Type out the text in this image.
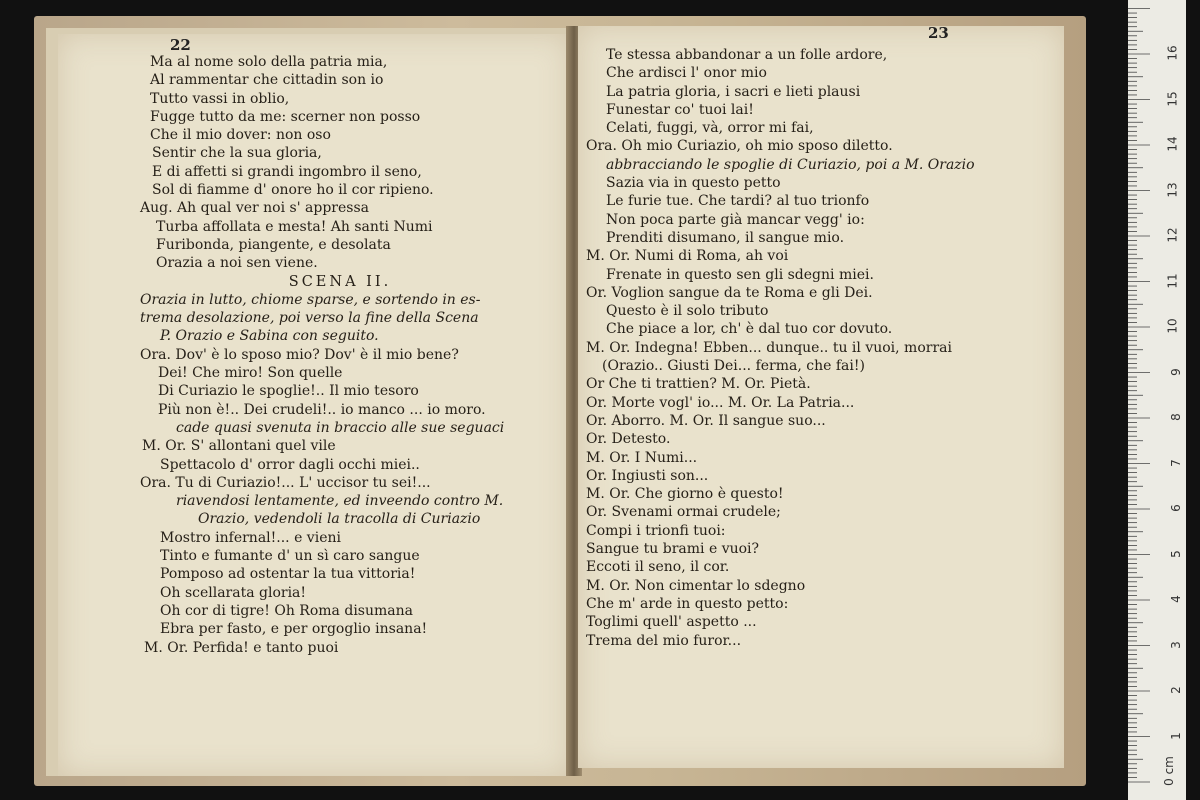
22
Ma al nome solo della patria mia,
Al rammentar che cittadin son io
Tutto vassi in oblio,
Fugge tutto da me: scerner non posso
Che il mio dover: non oso
Sentir che la sua gloria,
E di affetti si grandi ingombro il seno,
Sol di fiamme d' onore ho il cor ripieno.
Aug. Ah qual ver noi s' appressa
Turba affollata e mesta! Ah santi Numi
Furibonda, piangente, e desolata
Orazia a noi sen viene.
SCENA II.
Orazia in lutto, chiome sparse, e sortendo in es-
trema desolazione, poi verso la fine della Scena
P. Orazio e Sabina con seguito.
Ora. Dov' è lo sposo mio? Dov' è il mio bene?
Dei! Che miro! Son quelle
Di Curiazio le spoglie!.. Il mio tesoro
Più non è!.. Dei crudeli!.. io manco ... io moro.
cade quasi svenuta in braccio alle sue seguaci
M. Or. S' allontani quel vile
Spettacolo d' orror dagli occhi miei..
Ora. Tu di Curiazio!... L' uccisor tu sei!...
riavendosi lentamente, ed inveendo contro M.
Orazio, vedendoli la tracolla di Curiazio
Mostro infernal!... e vieni
Tinto e fumante d' un sì caro sangue
Pomposo ad ostentar la tua vittoria!
Oh scellarata gloria!
Oh cor di tigre! Oh Roma disumana
Ebra per fasto, e per orgoglio insana!
M. Or. Perfida! e tanto puoi
23
Te stessa abbandonar a un folle ardore,
Che ardisci l' onor mio
La patria gloria, i sacri e lieti plausi
Funestar co' tuoi lai!
Celati, fuggi, và, orror mi fai,
Ora. Oh mio Curiazio, oh mio sposo diletto.
abbracciando le spoglie di Curiazio, poi a M. Orazio
Sazia via in questo petto
Le furie tue. Che tardi? al tuo trionfo
Non poca parte già mancar vegg' io:
Prenditi disumano, il sangue mio.
M. Or. Numi di Roma, ah voi
Frenate in questo sen gli sdegni miei.
Or. Voglion sangue da te Roma e gli Dei.
Questo è il solo tributo
Che piace a lor, ch' è dal tuo cor dovuto.
M. Or. Indegna! Ebben... dunque.. tu il vuoi, morrai
(Orazio.. Giusti Dei... ferma, che fai!)
Or Che ti trattien? M. Or. Pietà.
Or. Morte vogl' io... M. Or. La Patria...
Or. Aborro. M. Or. Il sangue suo...
Or. Detesto.
M. Or. I Numi...
Or. Ingiusti son...
M. Or. Che giorno è questo!
Or. Svenami ormai crudele;
Compi i trionfi tuoi:
Sangue tu brami e vuoi?
Eccoti il seno, il cor.
M. Or. Non cimentar lo sdegno
Che m' arde in questo petto:
Toglimi quell' aspetto ...
Trema del mio furor...
0 cm
1
2
3
4
5
6
7
8
9
10
11
12
13
14
15
16
